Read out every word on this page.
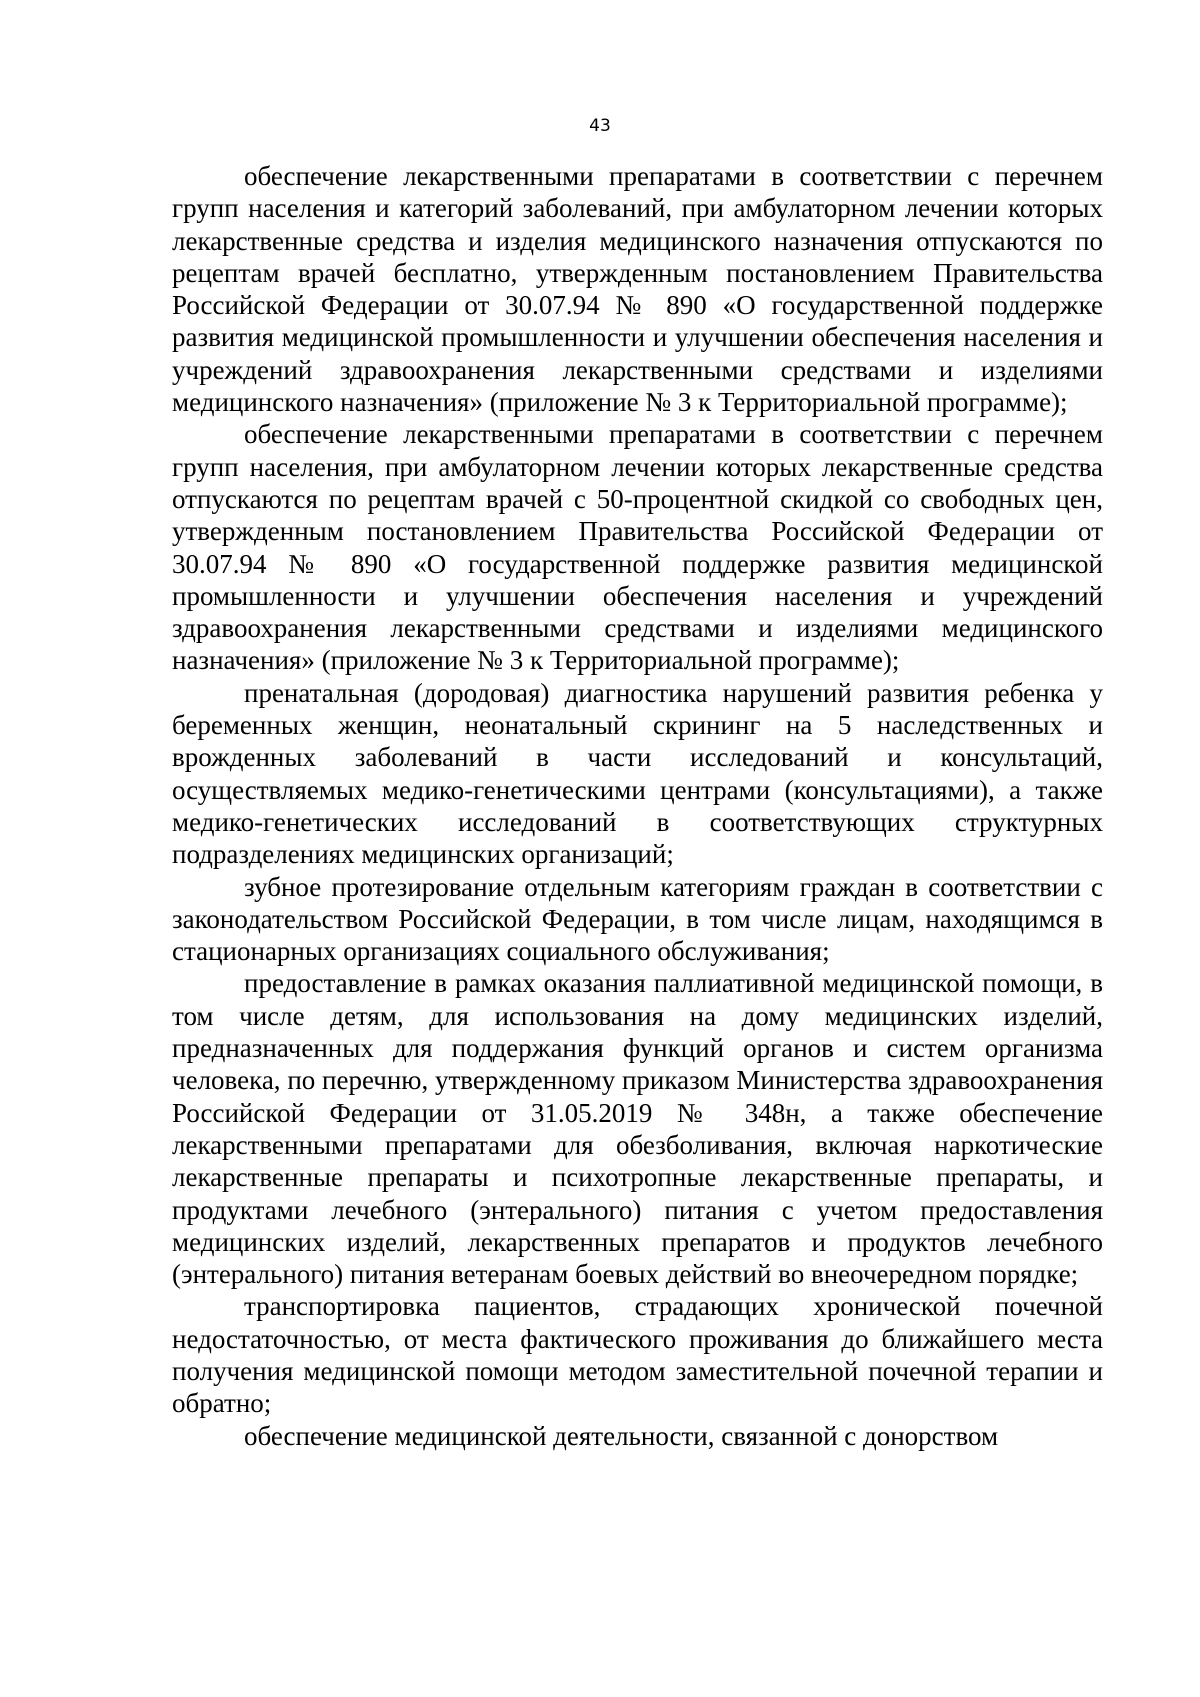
43

обеспечение лекарственными препаратами в соответствии с перечнем групп населения и категорий заболеваний, при амбулаторном лечении которых лекарственные средства и изделия медицинского назначения отпускаются по рецептам врачей бесплатно, утвержденным постановлением Правительства Российской Федерации от 30.07.94 № 890 «О государственной поддержке развития медицинской промышленности и улучшении обеспечения населения и учреждений здравоохранения лекарственными средствами и изделиями медицинского назначения» (приложение № 3 к Территориальной программе);

обеспечение лекарственными препаратами в соответствии с перечнем групп населения, при амбулаторном лечении которых лекарственные средства отпускаются по рецептам врачей с 50-процентной скидкой со свободных цен, утвержденным постановлением Правительства Российской Федерации от 30.07.94 № 890 «О государственной поддержке развития медицинской промышленности и улучшении обеспечения населения и учреждений здравоохранения лекарственными средствами и изделиями медицинского назначения» (приложение № 3 к Территориальной программе);

пренатальная (дородовая) диагностика нарушений развития ребенка у беременных женщин, неонатальный скрининг на 5 наследственных и врожденных заболеваний в части исследований и консультаций, осуществляемых медико-генетическими центрами (консультациями), а также медико-генетических исследований в соответствующих структурных подразделениях медицинских организаций;

зубное протезирование отдельным категориям граждан в соответствии с законодательством Российской Федерации, в том числе лицам, находящимся в стационарных организациях социального обслуживания;

предоставление в рамках оказания паллиативной медицинской помощи, в том числе детям, для использования на дому медицинских изделий, предназначенных для поддержания функций органов и систем организма человека, по перечню, утвержденному приказом Министерства здравоохранения Российской Федерации от 31.05.2019 № 348н, а также обеспечение лекарственными препаратами для обезболивания, включая наркотические лекарственные препараты и психотропные лекарственные препараты, и продуктами лечебного (энтерального) питания с учетом предоставления медицинских изделий, лекарственных препаратов и продуктов лечебного (энтерального) питания ветеранам боевых действий во внеочередном порядке;

транспортировка пациентов, страдающих хронической почечной недостаточностью, от места фактического проживания до ближайшего места получения медицинской помощи методом заместительной почечной терапии и обратно;

обеспечение медицинской деятельности, связанной с донорством
